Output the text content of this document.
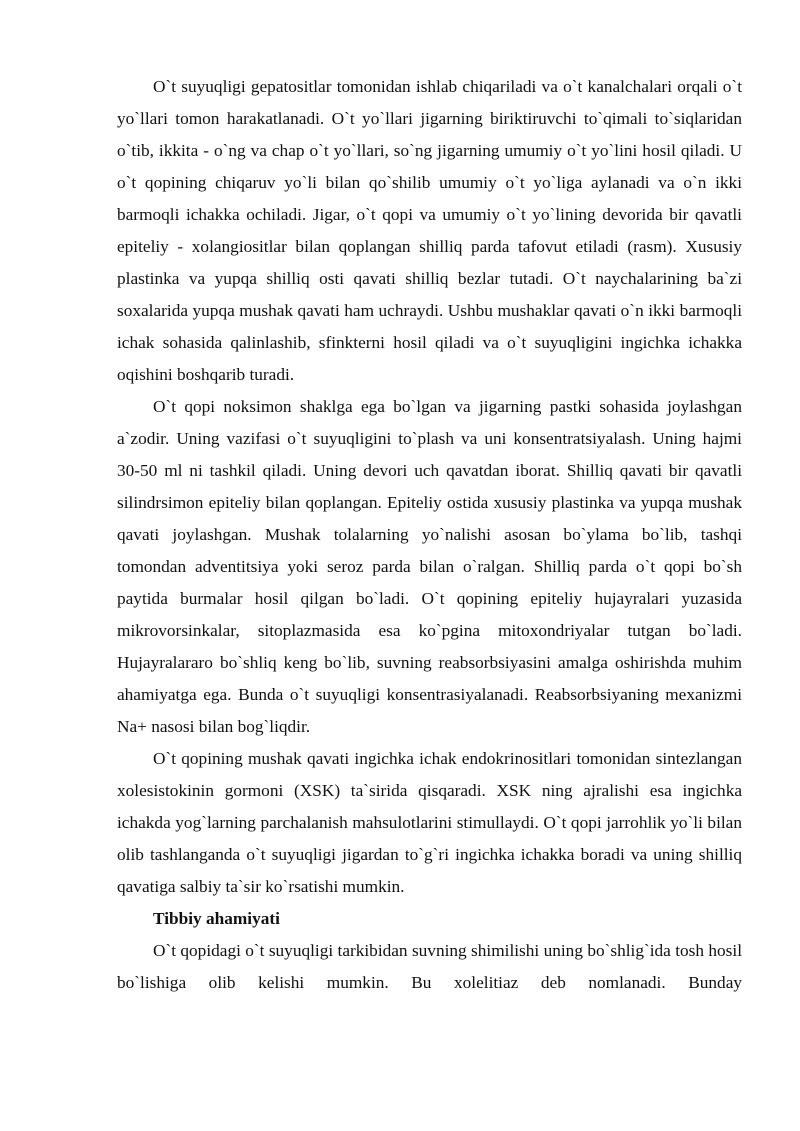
O`t suyuqligi gepatositlar tomonidan ishlab chiqariladi va o`t kanalchalari orqali o`t yo`llari tomon harakatlanadi. O`t yo`llari jigarning biriktiruvchi to`qimali to`siqlaridan o`tib, ikkita - o`ng va chap o`t yo`llari, so`ng jigarning umumiy o`t yo`lini hosil qiladi. U o`t qopining chiqaruv yo`li bilan qo`shilib umumiy o`t yo`liga aylanadi va o`n ikki barmoqli ichakka ochiladi. Jigar, o`t qopi va umumiy o`t yo`lining devorida bir qavatli epiteliy - xolangiositlar bilan qoplangan shilliq parda tafovut etiladi (rasm). Xususiy plastinka va yupqa shilliq osti qavati shilliq bezlar tutadi. O`t naychalarining ba`zi soxalarida yupqa mushak qavati ham uchraydi. Ushbu mushaklar qavati o`n ikki barmoqli ichak sohasida qalinlashib, sfinkterni hosil qiladi va o`t suyuqligini ingichka ichakka oqishini boshqarib turadi.

O`t qopi noksimon shaklga ega bo`lgan va jigarning pastki sohasida joylashgan a`zodir. Uning vazifasi o`t suyuqligini to`plash va uni konsentratsiyalash. Uning hajmi 30-50 ml ni tashkil qiladi. Uning devori uch qavatdan iborat. Shilliq qavati bir qavatli silindrsimon epiteliy bilan qoplangan. Epiteliy ostida xususiy plastinka va yupqa mushak qavati joylashgan. Mushak tolalarning yo`nalishi asosan bo`ylama bo`lib, tashqi tomondan adventitsiya yoki seroz parda bilan o`ralgan. Shilliq parda o`t qopi bo`sh paytida burmalar hosil qilgan bo`ladi. O`t qopining epiteliy hujayralari yuzasida mikrovorsinkalar, sitoplazmasida esa ko`pgina mitoxondriyalar tutgan bo`ladi. Hujayralararo bo`shliq keng bo`lib, suvning reabsorbsiyasini amalga oshirishda muhim ahamiyatga ega. Bunda o`t suyuqligi konsentrasiyalanadi. Reabsorbsiyaning mexanizmi Na+ nasosi bilan bog`liqdir.

O`t qopining mushak qavati ingichka ichak endokrinositlari tomonidan sintezlangan xolesistokinin gormoni (XSK) ta`sirida qisqaradi. XSK ning ajralishi esa ingichka ichakda yog`larning parchalanish mahsulotlarini stimullaydi. O`t qopi jarrohlik yo`li bilan olib tashlanganda o`t suyuqligi jigardan to`g`ri ingichka ichakka boradi va uning shilliq qavatiga salbiy ta`sir ko`rsatishi mumkin.

Tibbiy ahamiyati

O`t qopidagi o`t suyuqligi tarkibidan suvning shimilishi uning bo`shlig`ida tosh hosil bo`lishiga olib kelishi mumkin. Bu xolelitiaz deb nomlanadi. Bunday
